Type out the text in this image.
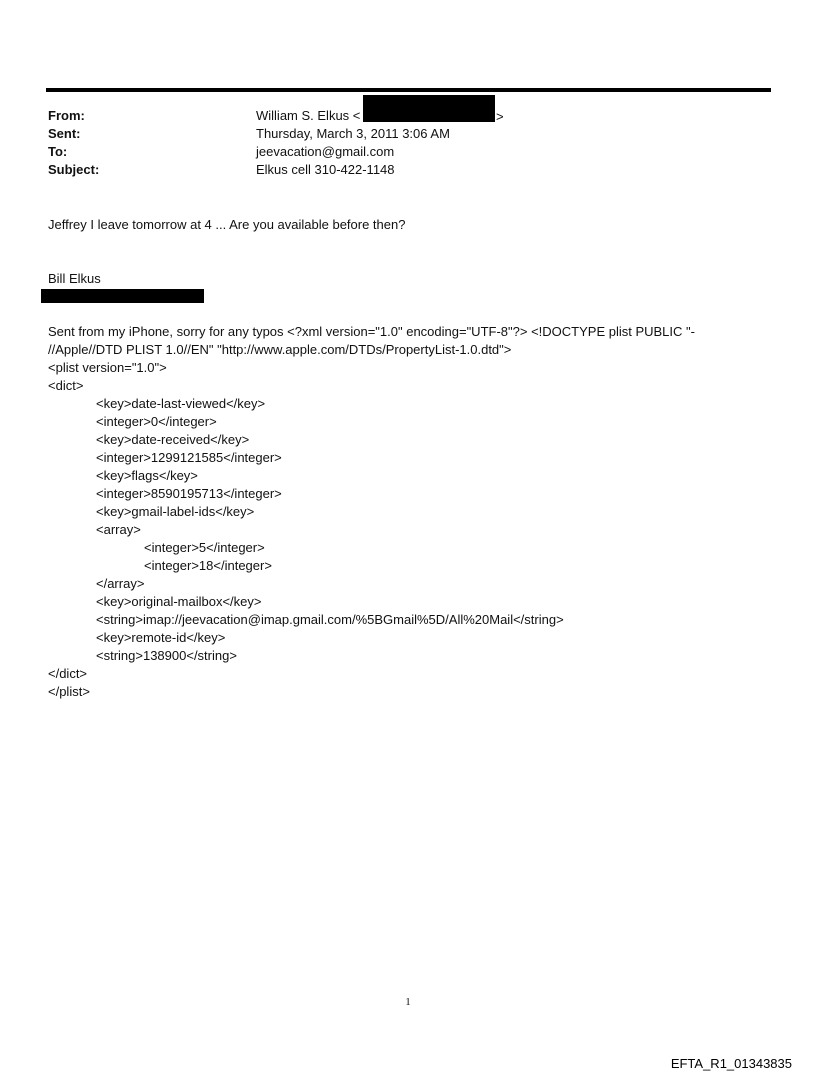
From:	William S. Elkus <	>
Sent:	Thursday, March 3, 2011 3:06 AM
To:	jeevacation@gmail.com
Subject:	Elkus cell 310-422-1148
Jeffrey I leave tomorrow at 4 ... Are you available before then?
Bill Elkus
Sent from my iPhone, sorry for any typos <?xml version="1.0" encoding="UTF-8"?> <!DOCTYPE plist PUBLIC "-
//Apple//DTD PLIST 1.0//EN" "http://www.apple.com/DTDs/PropertyList-1.0.dtd">
<plist version="1.0">
<dict>
<key>date-last-viewed</key>
<integer>0</integer>
<key>date-received</key>
<integer>1299121585</integer>
<key>flags</key>
<integer>8590195713</integer>
<key>gmail-label-ids</key>
<array>
<integer>5</integer>
<integer>18</integer>
</array>
<key>original-mailbox</key>
<string>imap://jeevacation@imap.gmail.com/%5BGmail%5D/All%20Mail</string>
<key>remote-id</key>
<string>138900</string>
</dict>
</plist>
1
EFTA_R1_01343835
